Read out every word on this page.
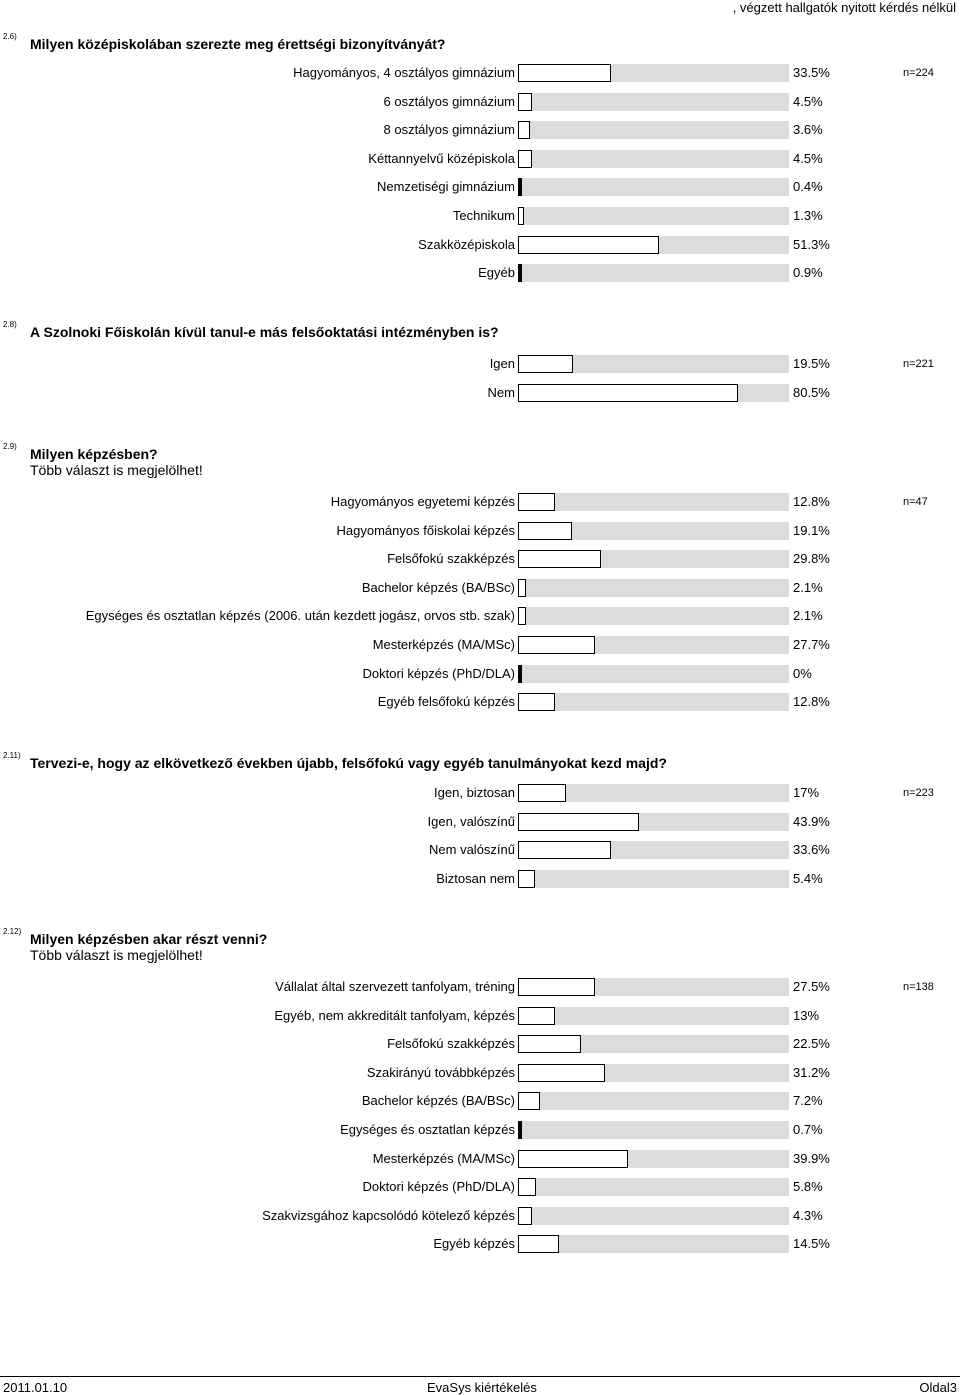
, végzett hallgatók nyitott kérdés nélkül
2.6) Milyen középiskolában szerezte meg érettségi bizonyítványát?
n=224
Hagyományos, 4 osztályos gimnázium	33.5%
6 osztályos gimnázium	4.5%
8 osztályos gimnázium	3.6%
Kéttannyelvű középiskola	4.5%
Nemzetiségi gimnázium	0.4%
Technikum	1.3%
Szakközépiskola	51.3%
Egyéb	0.9%
2.8) A Szolnoki Főiskolán kívül tanul-e más felsőoktatási intézményben is?
n=221
Igen	19.5%
Nem	80.5%
2.9) Milyen képzésben?
Több választ is megjelölhet!
n=47
Hagyományos egyetemi képzés	12.8%
Hagyományos főiskolai képzés	19.1%
Felsőfokú szakképzés	29.8%
Bachelor képzés (BA/BSc)	2.1%
Egységes és osztatlan képzés (2006. után kezdett jogász, orvos stb. szak)	2.1%
Mesterképzés (MA/MSc)	27.7%
Doktori képzés (PhD/DLA)	0%
Egyéb felsőfokú képzés	12.8%
2.11) Tervezi-e, hogy az elkövetkező években újabb, felsőfokú vagy egyéb tanulmányokat kezd majd?
n=223
Igen, biztosan	17%
Igen, valószínű	43.9%
Nem valószínű	33.6%
Biztosan nem	5.4%
2.12) Milyen képzésben akar részt venni?
Több választ is megjelölhet!
n=138
Vállalat által szervezett tanfolyam, tréning	27.5%
Egyéb, nem akkreditált tanfolyam, képzés	13%
Felsőfokú szakképzés	22.5%
Szakirányú továbbképzés	31.2%
Bachelor képzés (BA/BSc)	7.2%
Egységes és osztatlan képzés	0.7%
Mesterképzés (MA/MSc)	39.9%
Doktori képzés (PhD/DLA)	5.8%
Szakvizsgához kapcsolódó kötelező képzés	4.3%
Egyéb képzés	14.5%
2011.01.10	EvaSys kiértékelés	Oldal3
